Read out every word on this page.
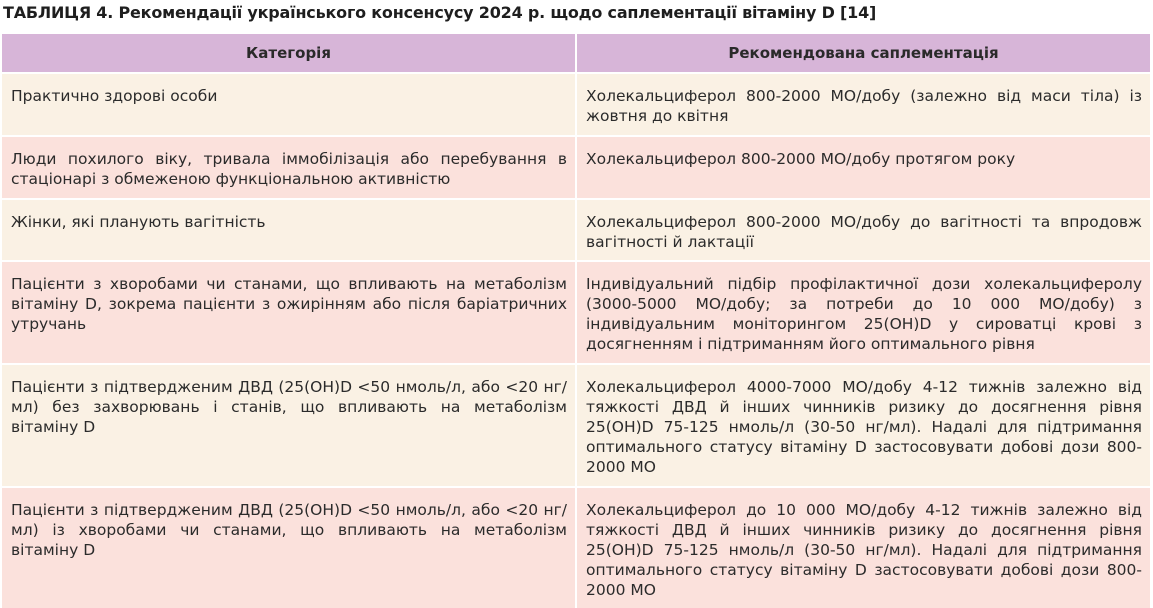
ТАБЛИЦЯ 4. Рекомендації українського консенсусу 2024 р. щодо саплементації вітаміну D [14]
Категорія	Рекомендована саплементація
Практично здорові особи	Холекальциферол 800-2000 МО/добу (залежно від маси тіла) із жовтня до квітня
Люди похилого віку, тривала іммобілізація або перебування в стаціонарі з обмеженою функціональною активністю	Холекальциферол 800-2000 МО/добу протягом року
Жінки, які планують вагітність	Холекальциферол 800-2000 МО/добу до вагітності та впродовж вагітності й лактації
Пацієнти з хворобами чи станами, що впливають на метаболізм вітаміну D, зокрема пацієнти з ожирінням або після баріатричних утручань	Індивідуальний підбір профілактичної дози холекальциферолу (3000-5000 МО/добу; за потреби до 10 000 МО/добу) з індивідуальним моніторингом 25(OH)D у сироватці крові з досягненням і підтриманням його оптимального рівня
Пацієнти з підтвердженим ДВД (25(OH)D <50 нмоль/л, або <20 нг/мл) без захворювань і станів, що впливають на метаболізм вітаміну D	Холекальциферол 4000-7000 МО/добу 4-12 тижнів залежно від тяжкості ДВД й інших чинників ризику до досягнення рівня 25(OH)D 75-125 нмоль/л (30-50 нг/мл). Надалі для підтримання оптимального статусу вітаміну D застосовувати добові дози 800-2000 МО
Пацієнти з підтвердженим ДВД (25(OH)D <50 нмоль/л, або <20 нг/мл) із хворобами чи станами, що впливають на метаболізм вітаміну D	Холекальциферол до 10 000 МО/добу 4-12 тижнів залежно від тяжкості ДВД й інших чинників ризику до досягнення рівня 25(OH)D 75-125 нмоль/л (30-50 нг/мл). Надалі для підтримання оптимального статусу вітаміну D застосовувати добові дози 800-2000 МО
